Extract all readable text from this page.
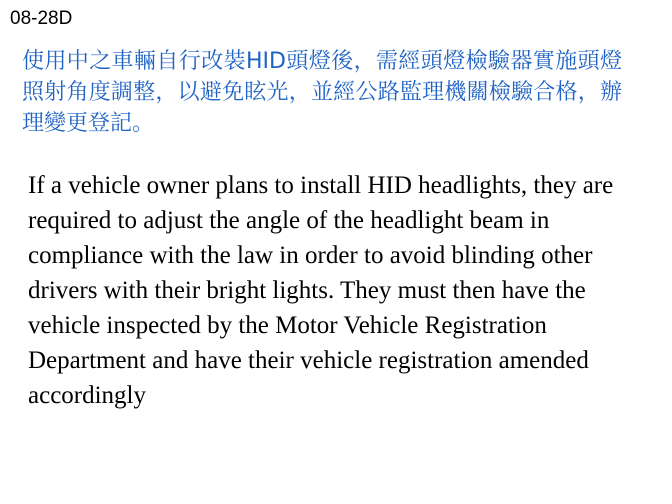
08-28D
使用中之車輛自行改裝HID頭燈後，需經頭燈檢驗器實施頭燈照射角度調整，以避免眩光，並經公路監理機關檢驗合格，辦理變更登記。

If a vehicle owner plans to install HID headlights, they are required to adjust the angle of the headlight beam in compliance with the law in order to avoid blinding other drivers with their bright lights. They must then have the vehicle inspected by the Motor Vehicle Registration Department and have their vehicle registration amended accordingly
